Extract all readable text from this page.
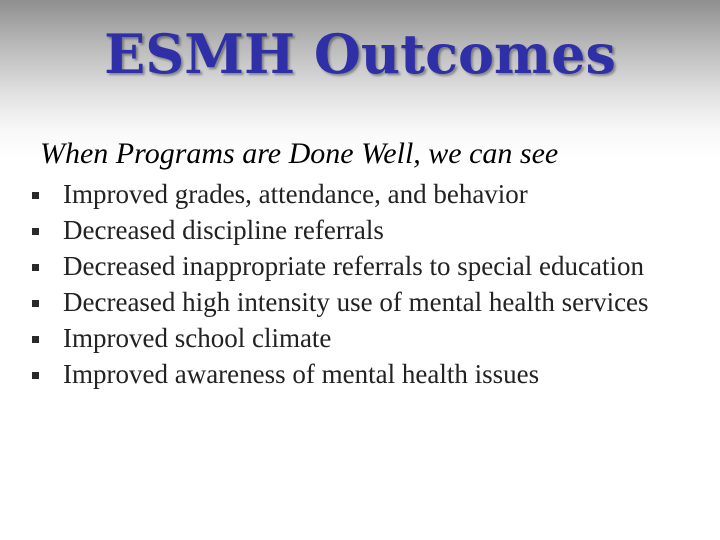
ESMH Outcomes

When Programs are Done Well, we can see

Improved grades, attendance, and behavior
Decreased discipline referrals
Decreased inappropriate referrals to special education
Decreased high intensity use of mental health services
Improved school climate
Improved awareness of mental health issues
